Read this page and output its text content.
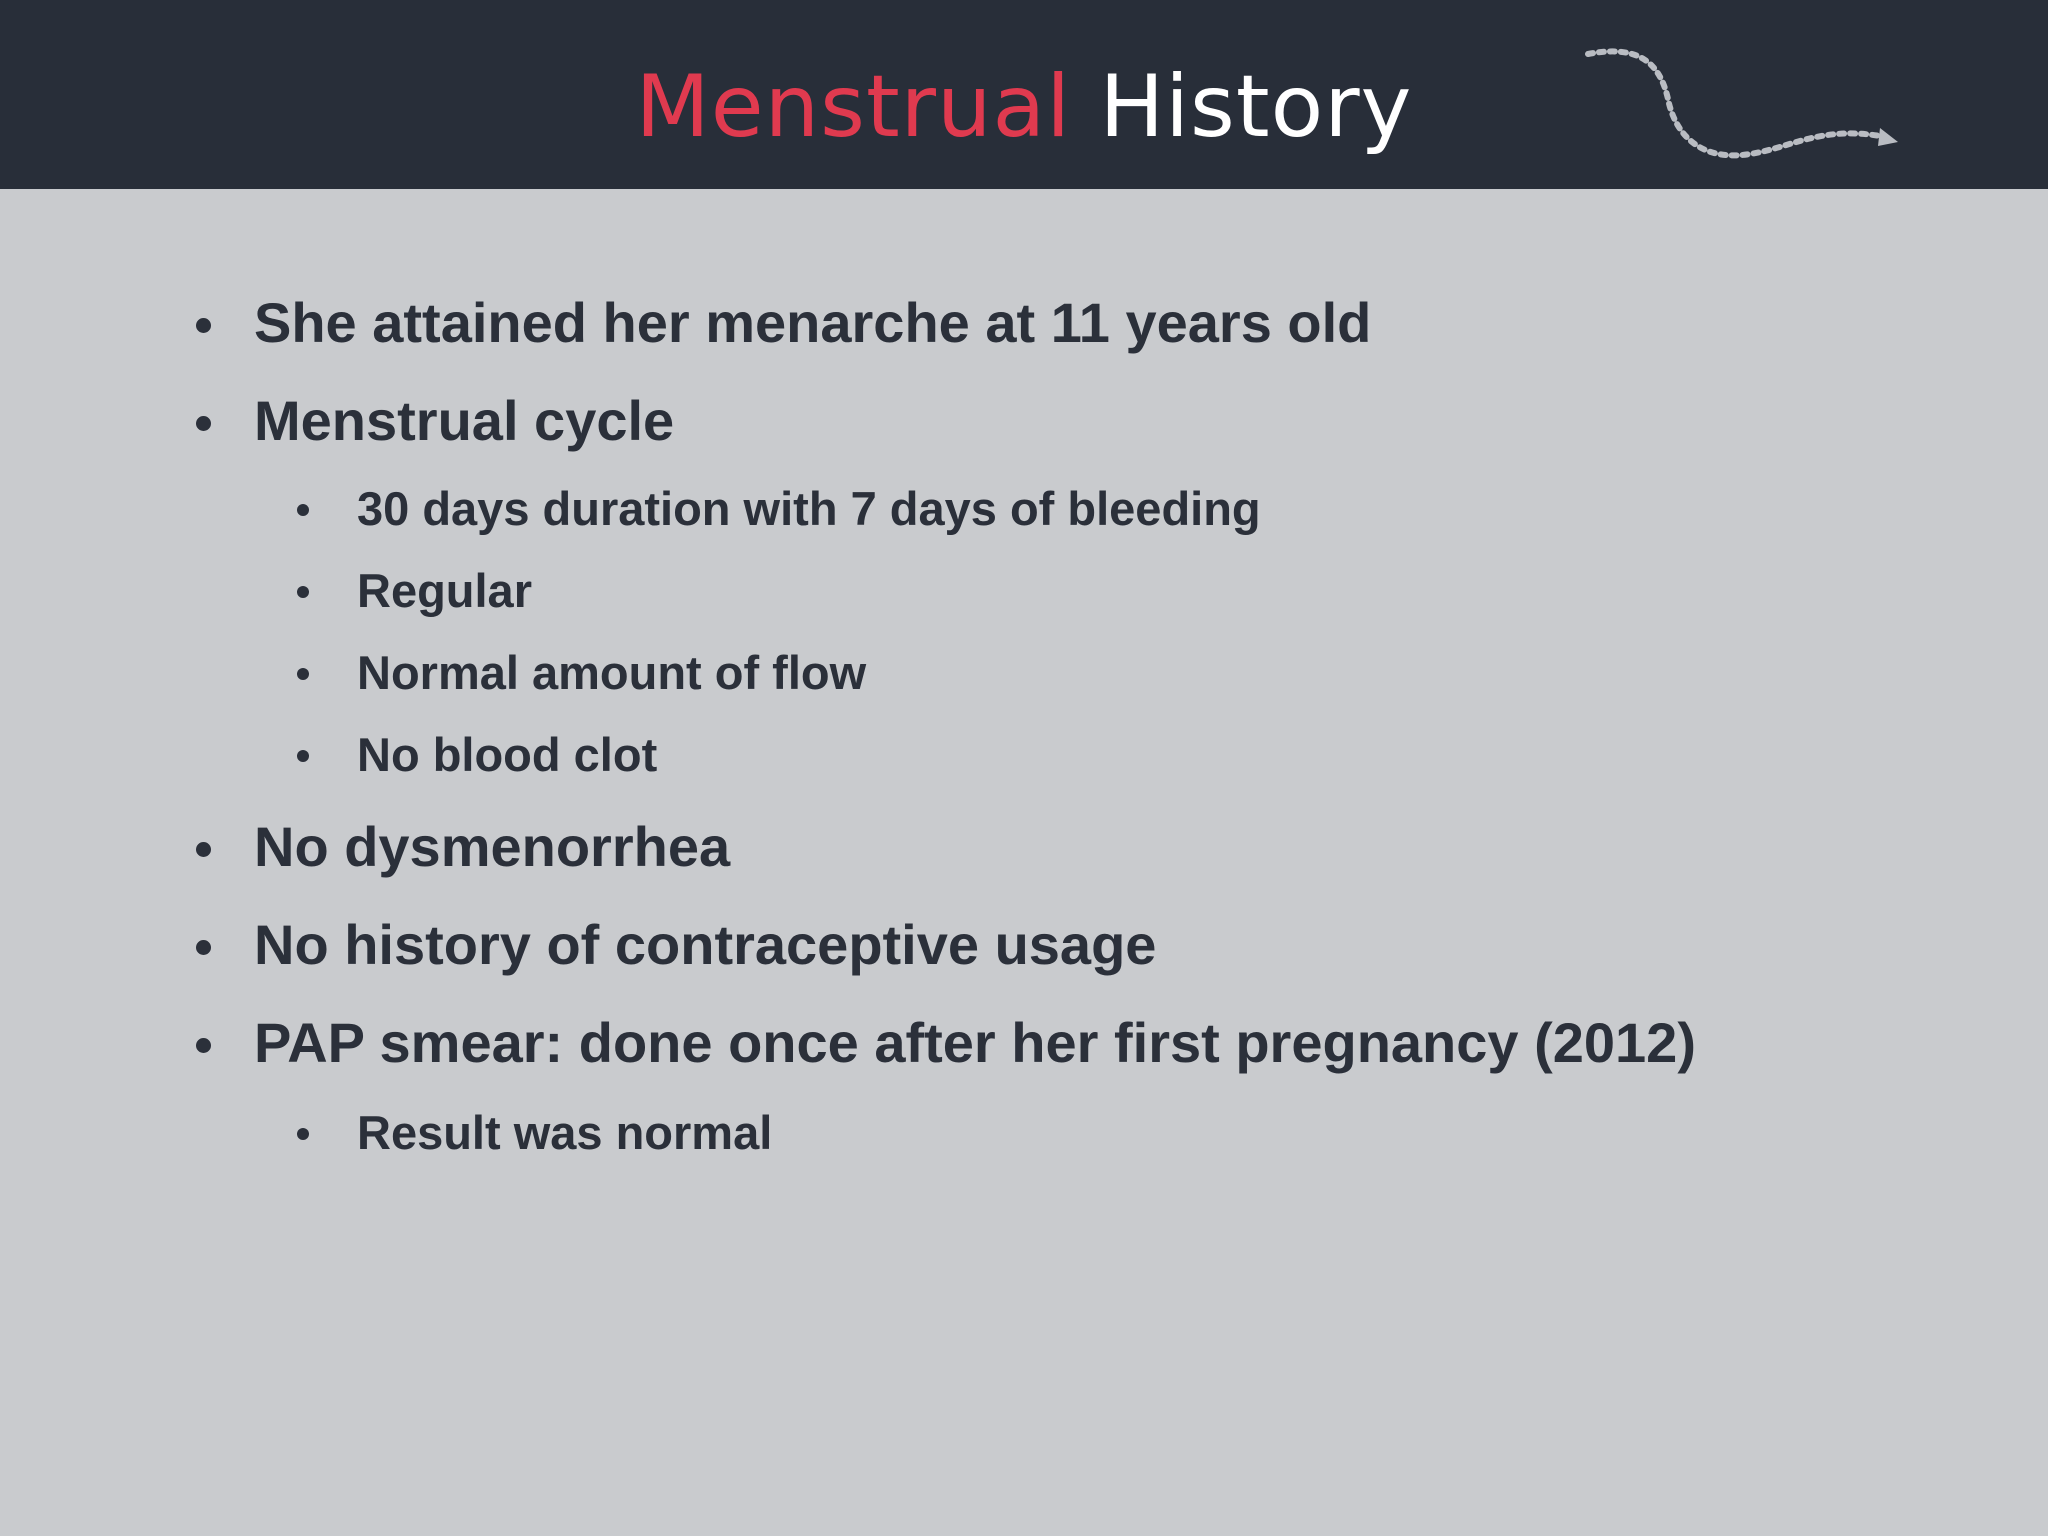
Menstrual History
She attained her menarche at 11 years old
Menstrual cycle
30 days duration with 7 days of bleeding
Regular
Normal amount of flow
No blood clot
No dysmenorrhea
No history of contraceptive usage
PAP smear: done once after her first pregnancy (2012)
Result was normal
